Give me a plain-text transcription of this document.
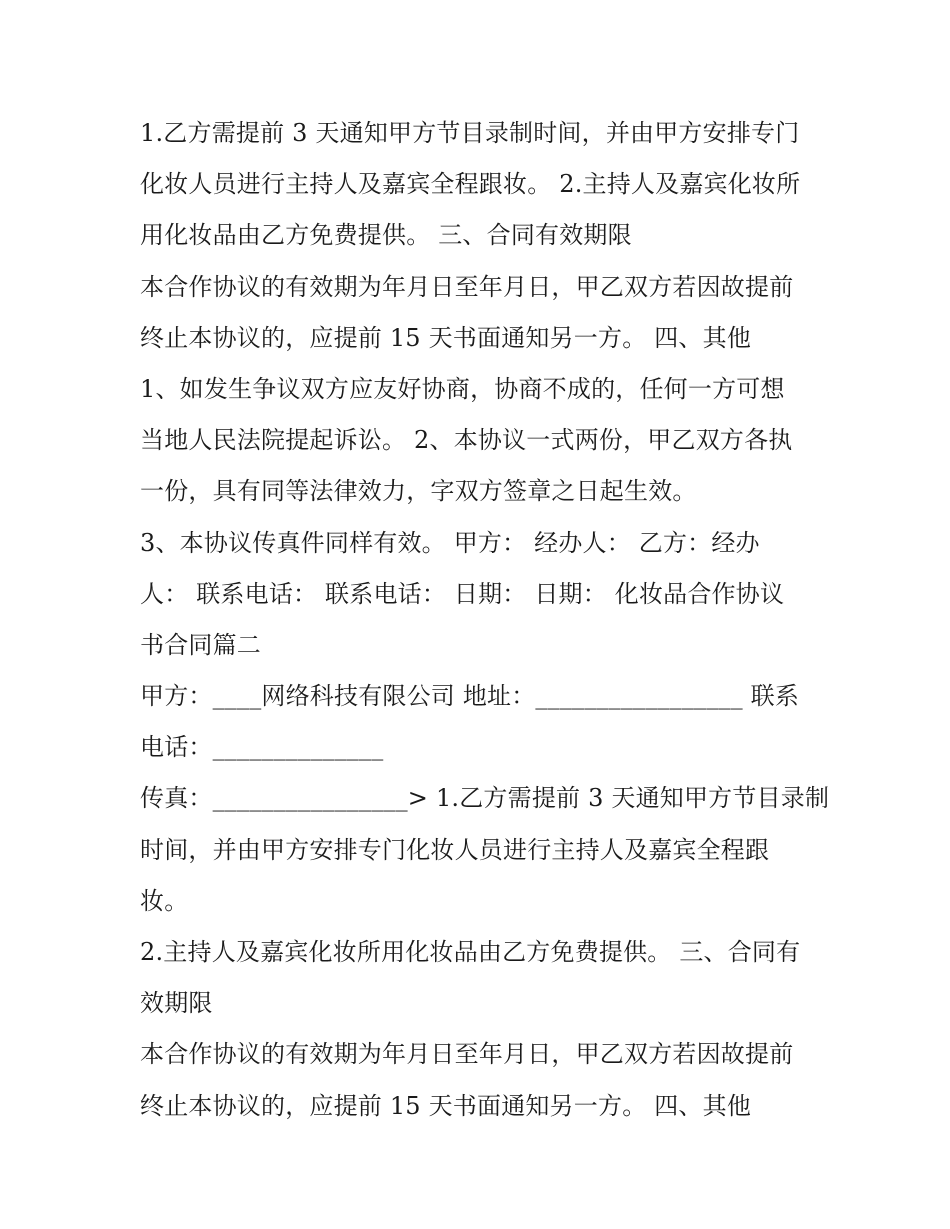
1.乙方需提前 3 天通知甲方节目录制时间，并由甲方安排专门
化妆人员进行主持人及嘉宾全程跟妆。 2.主持人及嘉宾化妆所
用化妆品由乙方免费提供。 三、合同有效期限
本合作协议的有效期为年月日至年月日，甲乙双方若因故提前
终止本协议的，应提前 15 天书面通知另一方。 四、其他
1、如发生争议双方应友好协商，协商不成的，任何一方可想
当地人民法院提起诉讼。 2、本协议一式两份，甲乙双方各执
一份，具有同等法律效力，字双方签章之日起生效。
3、本协议传真件同样有效。 甲方： 经办人： 乙方：经办
人： 联系电话： 联系电话： 日期： 日期： 化妆品合作协议
书合同篇二
甲方：____网络科技有限公司 地址：_________________ 联系
电话：______________
传真：________________> 1.乙方需提前 3 天通知甲方节目录制
时间，并由甲方安排专门化妆人员进行主持人及嘉宾全程跟
妆。
2.主持人及嘉宾化妆所用化妆品由乙方免费提供。 三、合同有
效期限
本合作协议的有效期为年月日至年月日，甲乙双方若因故提前
终止本协议的，应提前 15 天书面通知另一方。 四、其他
